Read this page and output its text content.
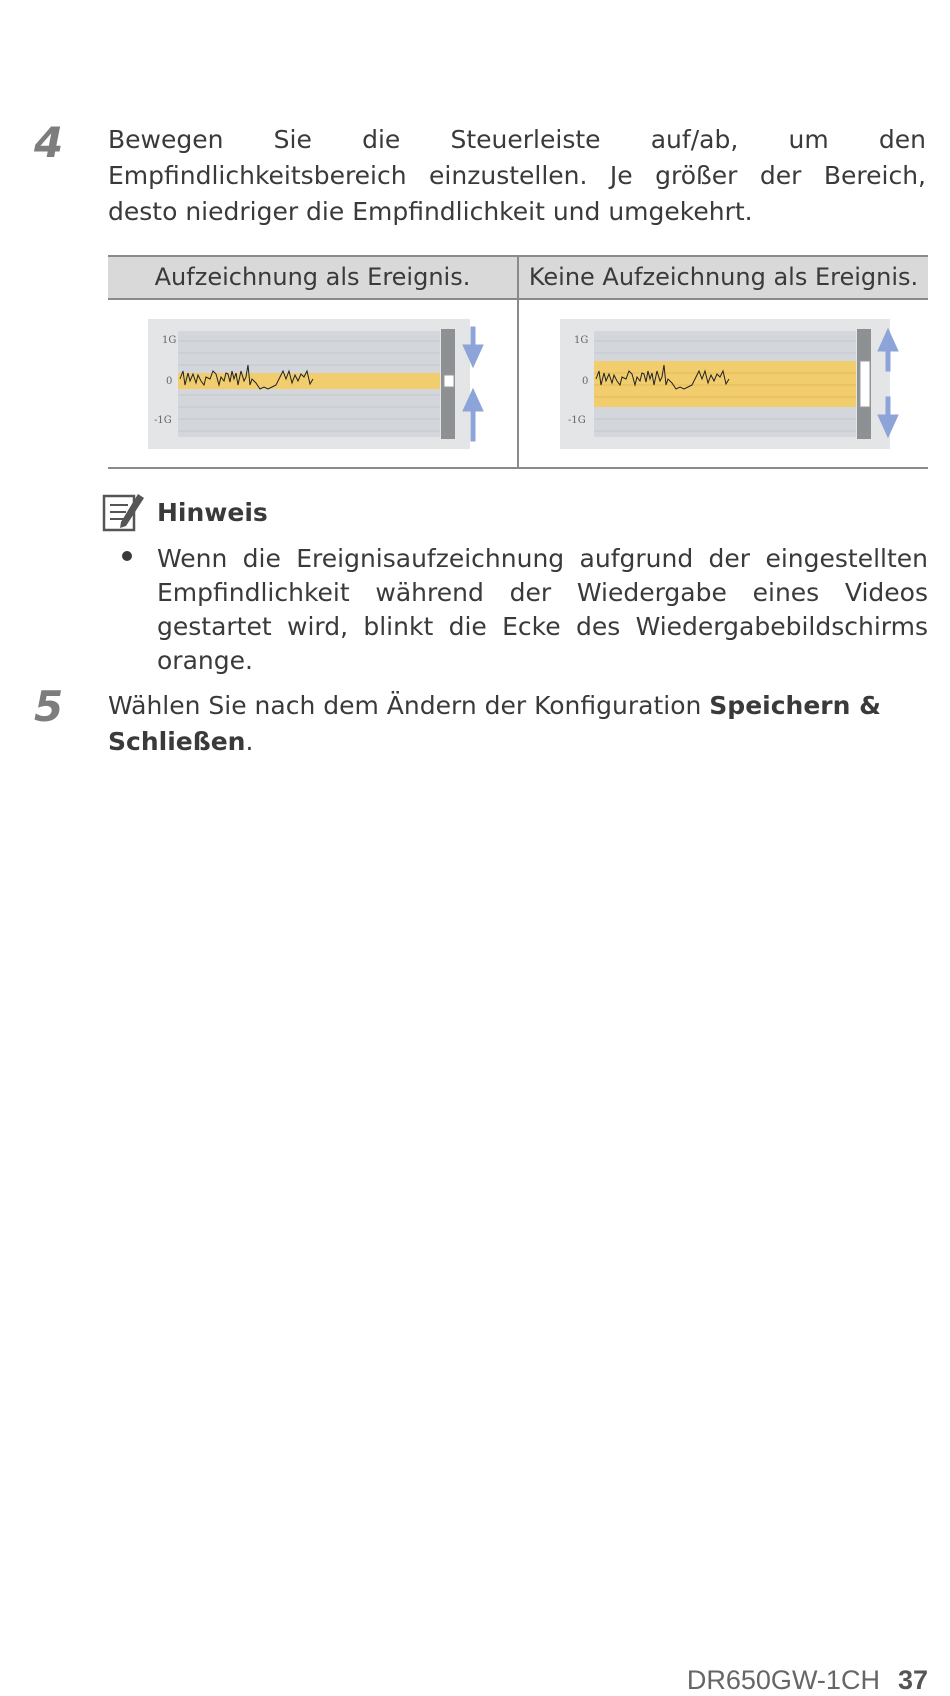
4 Bewegen Sie die Steuerleiste auf/ab, um den Empfindlichkeitsbereich einzustellen. Je größer der Bereich, desto niedriger die Empfindlichkeit und umgekehrt.

Aufzeichnung als Ereignis.	Keine Aufzeichnung als Ereignis.
1G
0
-1G
1G
0
-1G
Hinweis

Wenn die Ereignisaufzeichnung aufgrund der eingestellten Empfindlichkeit während der Wiedergabe eines Videos gestartet wird, blinkt die Ecke des Wiedergabebildschirms orange.

5 Wählen Sie nach dem Ändern der Konfiguration Speichern & Schließen.

DR650GW-1CH 37
